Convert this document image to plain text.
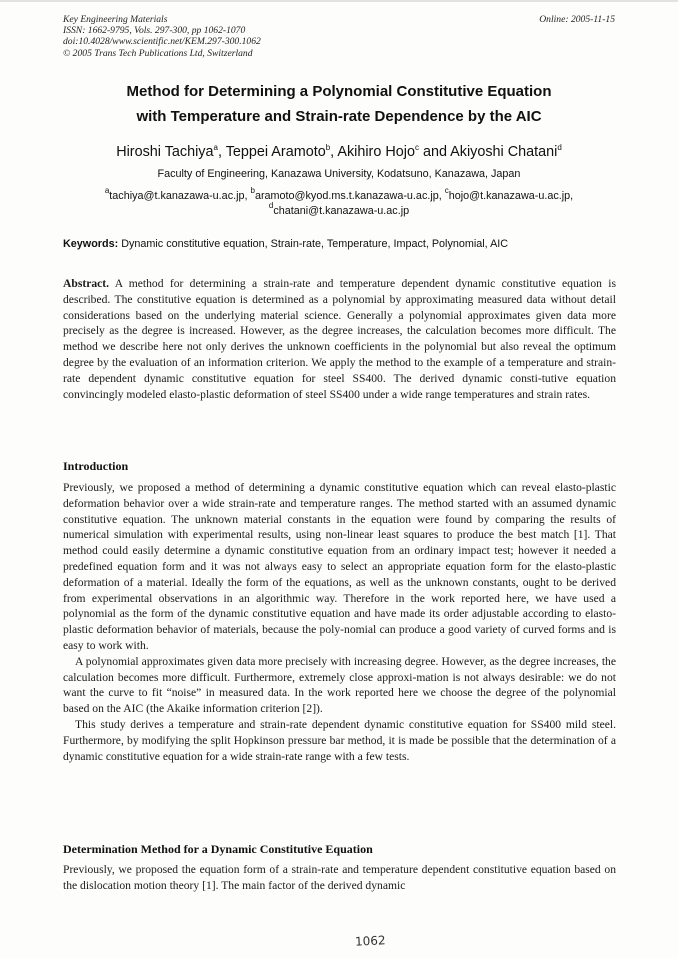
Key Engineering Materials
ISSN: 1662-9795, Vols. 297-300, pp 1062-1070
doi:10.4028/www.scientific.net/KEM.297-300.1062
© 2005 Trans Tech Publications Ltd, Switzerland
Online: 2005-11-15
Method for Determining a Polynomial Constitutive Equation
with Temperature and Strain-rate Dependence by the AIC
Hiroshi Tachiya$^a$, Teppei Aramoto$^b$, Akihiro Hojo$^c$ and Akiyoshi Chatani$^d$
Faculty of Engineering, Kanazawa University, Kodatsuno, Kanazawa, Japan
$^a$tachiya@t.kanazawa-u.ac.jp, $^b$aramoto@kyod.ms.t.kanazawa-u.ac.jp, $^c$hojo@t.kanazawa-u.ac.jp,
$^d$chatani@t.kanazawa-u.ac.jp
Keywords: Dynamic constitutive equation, Strain-rate, Temperature, Impact, Polynomial, AIC

Abstract. A method for determining a strain-rate and temperature dependent dynamic constitutive equation is described. The constitutive equation is determined as a polynomial by approximating measured data without detail considerations based on the underlying material science. Generally a polynomial approximates given data more precisely as the degree is increased. However, as the degree increases, the calculation becomes more difficult. The method we describe here not only derives the unknown coefficients in the polynomial but also reveal the optimum degree by the evaluation of an information criterion. We apply the method to the example of a temperature and strain-rate dependent dynamic constitutive equation for steel SS400. The derived dynamic consti-tutive equation convincingly modeled elasto-plastic deformation of steel SS400 under a wide range temperatures and strain rates.

Introduction

Previously, we proposed a method of determining a dynamic constitutive equation which can reveal elasto-plastic deformation behavior over a wide strain-rate and temperature ranges. The method started with an assumed dynamic constitutive equation. The unknown material constants in the equation were found by comparing the results of numerical simulation with experimental results, using non-linear least squares to produce the best match [1]. That method could easily determine a dynamic constitutive equation from an ordinary impact test; however it needed a predefined equation form and it was not always easy to select an appropriate equation form for the elasto-plastic deformation of a material. Ideally the form of the equations, as well as the unknown constants, ought to be derived from experimental observations in an algorithmic way. Therefore in the work reported here, we have used a polynomial as the form of the dynamic constitutive equation and have made its order adjustable according to elasto-plastic deformation behavior of materials, because the poly-nomial can produce a good variety of curved forms and is easy to work with.

A polynomial approximates given data more precisely with increasing degree. However, as the degree increases, the calculation becomes more difficult. Furthermore, extremely close approxi-mation is not always desirable: we do not want the curve to fit “noise” in measured data. In the work reported here we choose the degree of the polynomial based on the AIC (the Akaike information criterion [2]).

This study derives a temperature and strain-rate dependent dynamic constitutive equation for SS400 mild steel. Furthermore, by modifying the split Hopkinson pressure bar method, it is made be possible that the determination of a dynamic constitutive equation for a wide strain-rate range with a few tests.

Determination Method for a Dynamic Constitutive Equation

Previously, we proposed the equation form of a strain-rate and temperature dependent constitutive equation based on the dislocation motion theory [1]. The main factor of the derived dynamic

1062
